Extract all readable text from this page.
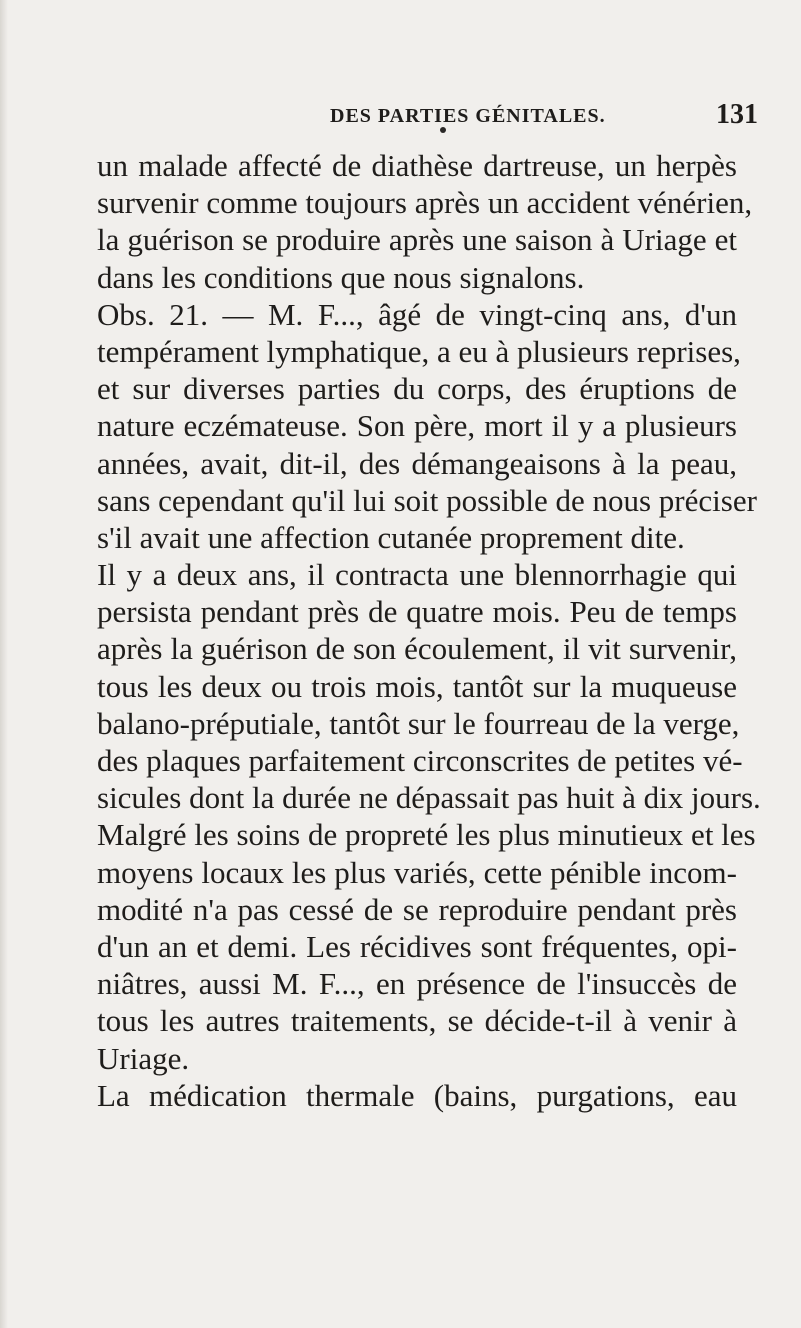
DES PARTIES GÉNITALES.	131
un malade affecté de diathèse dartreuse, un herpès
survenir comme toujours après un accident vénérien,
la guérison se produire après une saison à Uriage et
dans les conditions que nous signalons.
Obs. 21. — M. F..., âgé de vingt-cinq ans, d'un
tempérament lymphatique, a eu à plusieurs reprises,
et sur diverses parties du corps, des éruptions de
nature eczémateuse. Son père, mort il y a plusieurs
années, avait, dit-il, des démangeaisons à la peau,
sans cependant qu'il lui soit possible de nous préciser
s'il avait une affection cutanée proprement dite.
Il y a deux ans, il contracta une blennorrhagie qui
persista pendant près de quatre mois. Peu de temps
après la guérison de son écoulement, il vit survenir,
tous les deux ou trois mois, tantôt sur la muqueuse
balano-préputiale, tantôt sur le fourreau de la verge,
des plaques parfaitement circonscrites de petites vé-
sicules dont la durée ne dépassait pas huit à dix jours.
Malgré les soins de propreté les plus minutieux et les
moyens locaux les plus variés, cette pénible incom-
modité n'a pas cessé de se reproduire pendant près
d'un an et demi. Les récidives sont fréquentes, opi-
niâtres, aussi M. F..., en présence de l'insuccès de
tous les autres traitements, se décide-t-il à venir à
Uriage.
La médication thermale (bains, purgations, eau
